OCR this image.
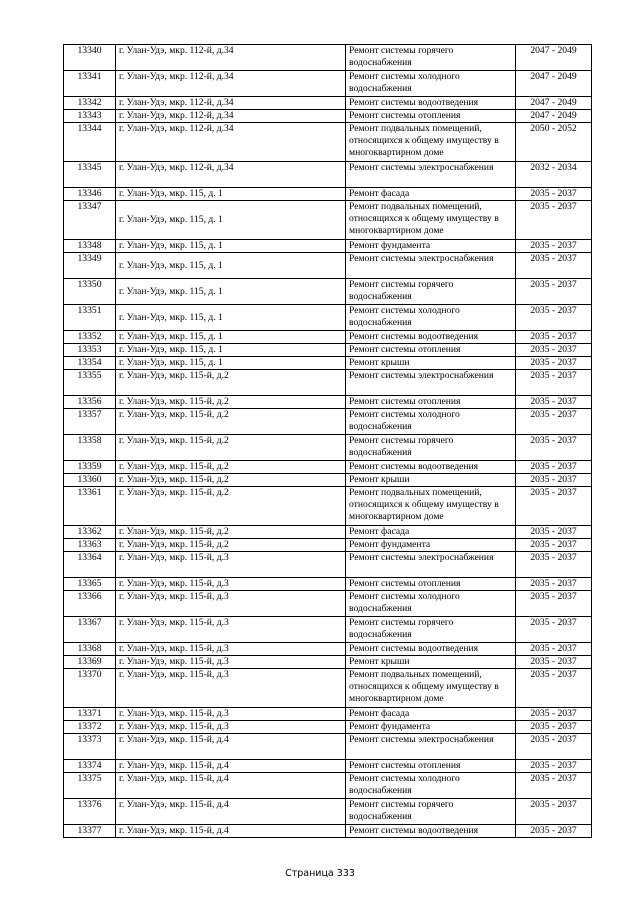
13340	г. Улан-Удэ, мкр. 112-й, д.34	Ремонт системы горячего водоснабжения	2047 - 2049
13341	г. Улан-Удэ, мкр. 112-й, д.34	Ремонт системы холодного водоснабжения	2047 - 2049
13342	г. Улан-Удэ, мкр. 112-й, д.34	Ремонт системы водоотведения	2047 - 2049
13343	г. Улан-Удэ, мкр. 112-й, д.34	Ремонт системы отопления	2047 - 2049
13344	г. Улан-Удэ, мкр. 112-й, д.34	Ремонт подвальных помещений, относящихся к общему имуществу в многоквартирном доме	2050 - 2052
13345	г. Улан-Удэ, мкр. 112-й, д.34	Ремонт системы электроснабжения	2032 - 2034
13346	г. Улан-Удэ, мкр. 115, д. 1	Ремонт фасада	2035 - 2037
13347	г. Улан-Удэ, мкр. 115, д. 1	Ремонт подвальных помещений, относящихся к общему имуществу в многоквартирном доме	2035 - 2037
13348	г. Улан-Удэ, мкр. 115, д. 1	Ремонт фундамента	2035 - 2037
13349	г. Улан-Удэ, мкр. 115, д. 1	Ремонт системы электроснабжения	2035 - 2037
13350	г. Улан-Удэ, мкр. 115, д. 1	Ремонт системы горячего водоснабжения	2035 - 2037
13351	г. Улан-Удэ, мкр. 115, д. 1	Ремонт системы холодного водоснабжения	2035 - 2037
13352	г. Улан-Удэ, мкр. 115, д. 1	Ремонт системы водоотведения	2035 - 2037
13353	г. Улан-Удэ, мкр. 115, д. 1	Ремонт системы отопления	2035 - 2037
13354	г. Улан-Удэ, мкр. 115, д. 1	Ремонт крыши	2035 - 2037
13355	г. Улан-Удэ, мкр. 115-й, д.2	Ремонт системы электроснабжения	2035 - 2037
13356	г. Улан-Удэ, мкр. 115-й, д.2	Ремонт системы отопления	2035 - 2037
13357	г. Улан-Удэ, мкр. 115-й, д.2	Ремонт системы холодного водоснабжения	2035 - 2037
13358	г. Улан-Удэ, мкр. 115-й, д.2	Ремонт системы горячего водоснабжения	2035 - 2037
13359	г. Улан-Удэ, мкр. 115-й, д.2	Ремонт системы водоотведения	2035 - 2037
13360	г. Улан-Удэ, мкр. 115-й, д.2	Ремонт крыши	2035 - 2037
13361	г. Улан-Удэ, мкр. 115-й, д.2	Ремонт подвальных помещений, относящихся к общему имуществу в многоквартирном доме	2035 - 2037
13362	г. Улан-Удэ, мкр. 115-й, д.2	Ремонт фасада	2035 - 2037
13363	г. Улан-Удэ, мкр. 115-й, д.2	Ремонт фундамента	2035 - 2037
13364	г. Улан-Удэ, мкр. 115-й, д.3	Ремонт системы электроснабжения	2035 - 2037
13365	г. Улан-Удэ, мкр. 115-й, д.3	Ремонт системы отопления	2035 - 2037
13366	г. Улан-Удэ, мкр. 115-й, д.3	Ремонт системы холодного водоснабжения	2035 - 2037
13367	г. Улан-Удэ, мкр. 115-й, д.3	Ремонт системы горячего водоснабжения	2035 - 2037
13368	г. Улан-Удэ, мкр. 115-й, д.3	Ремонт системы водоотведения	2035 - 2037
13369	г. Улан-Удэ, мкр. 115-й, д.3	Ремонт крыши	2035 - 2037
13370	г. Улан-Удэ, мкр. 115-й, д.3	Ремонт подвальных помещений, относящихся к общему имуществу в многоквартирном доме	2035 - 2037
13371	г. Улан-Удэ, мкр. 115-й, д.3	Ремонт фасада	2035 - 2037
13372	г. Улан-Удэ, мкр. 115-й, д.3	Ремонт фундамента	2035 - 2037
13373	г. Улан-Удэ, мкр. 115-й, д.4	Ремонт системы электроснабжения	2035 - 2037
13374	г. Улан-Удэ, мкр. 115-й, д.4	Ремонт системы отопления	2035 - 2037
13375	г. Улан-Удэ, мкр. 115-й, д.4	Ремонт системы холодного водоснабжения	2035 - 2037
13376	г. Улан-Удэ, мкр. 115-й, д.4	Ремонт системы горячего водоснабжения	2035 - 2037
13377	г. Улан-Удэ, мкр. 115-й, д.4	Ремонт системы водоотведения	2035 - 2037
Страница 333
